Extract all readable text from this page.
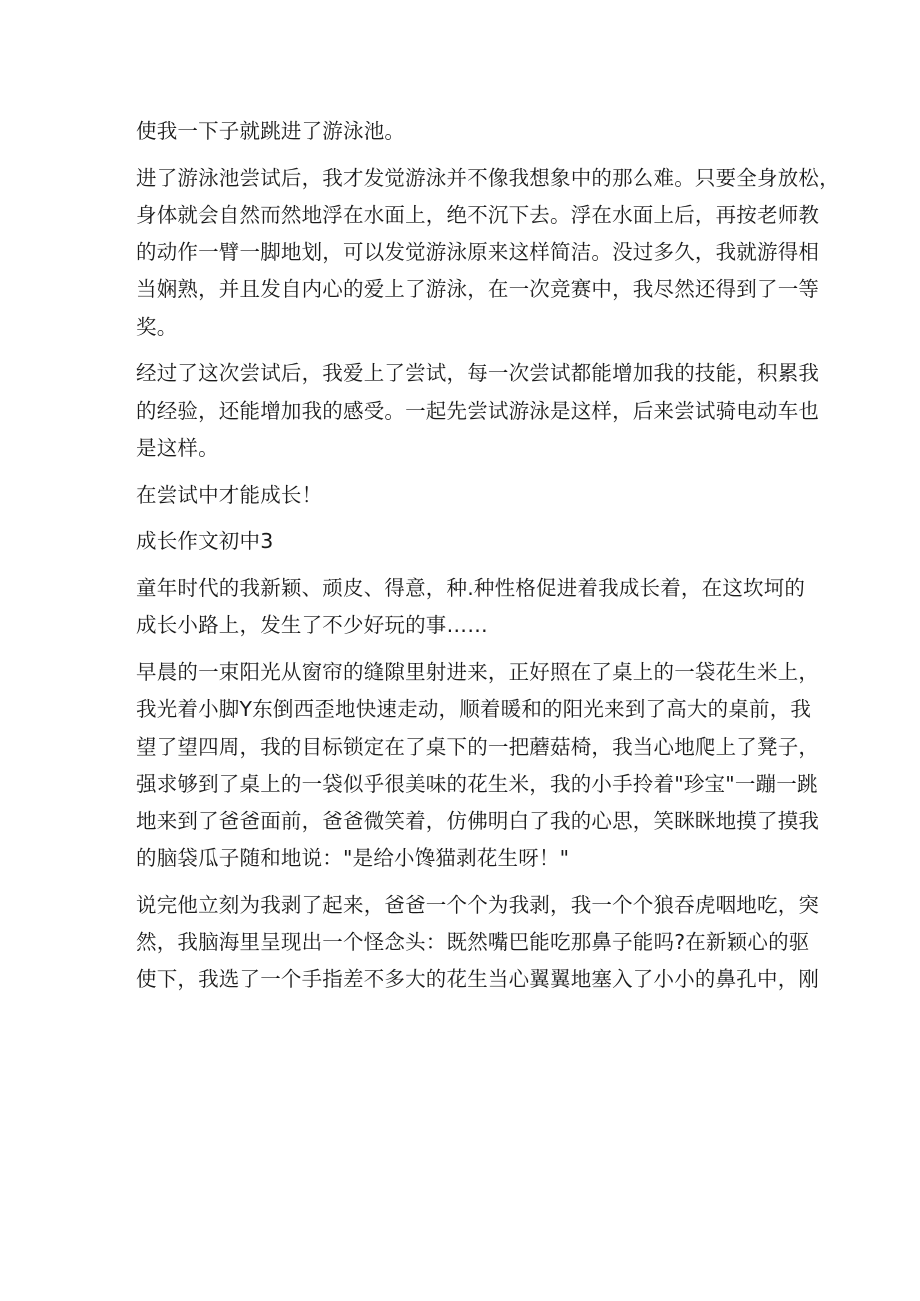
使我一下子就跳进了游泳池。
进了游泳池尝试后，我才发觉游泳并不像我想象中的那么难。只要全身放松，
身体就会自然而然地浮在水面上，绝不沉下去。浮在水面上后，再按老师教
的动作一臂一脚地划，可以发觉游泳原来这样简洁。没过多久，我就游得相
当娴熟，并且发自内心的爱上了游泳，在一次竞赛中，我尽然还得到了一等
奖。
经过了这次尝试后，我爱上了尝试，每一次尝试都能增加我的技能，积累我
的经验，还能增加我的感受。一起先尝试游泳是这样，后来尝试骑电动车也
是这样。
在尝试中才能成长！
成长作文初中3
童年时代的我新颖、顽皮、得意，种.种性格促进着我成长着，在这坎坷的
成长小路上，发生了不少好玩的事……
早晨的一束阳光从窗帘的缝隙里射进来，正好照在了桌上的一袋花生米上，
我光着小脚Y东倒西歪地快速走动，顺着暖和的阳光来到了高大的桌前，我
望了望四周，我的目标锁定在了桌下的一把蘑菇椅，我当心地爬上了凳子，
强求够到了桌上的一袋似乎很美味的花生米，我的小手拎着"珍宝"一蹦一跳
地来到了爸爸面前，爸爸微笑着，仿佛明白了我的心思，笑眯眯地摸了摸我
的脑袋瓜子随和地说："是给小馋猫剥花生呀！"
说完他立刻为我剥了起来，爸爸一个个为我剥，我一个个狼吞虎咽地吃，突
然，我脑海里呈现出一个怪念头：既然嘴巴能吃那鼻子能吗?在新颖心的驱
使下，我选了一个手指差不多大的花生当心翼翼地塞入了小小的鼻孔中，刚
